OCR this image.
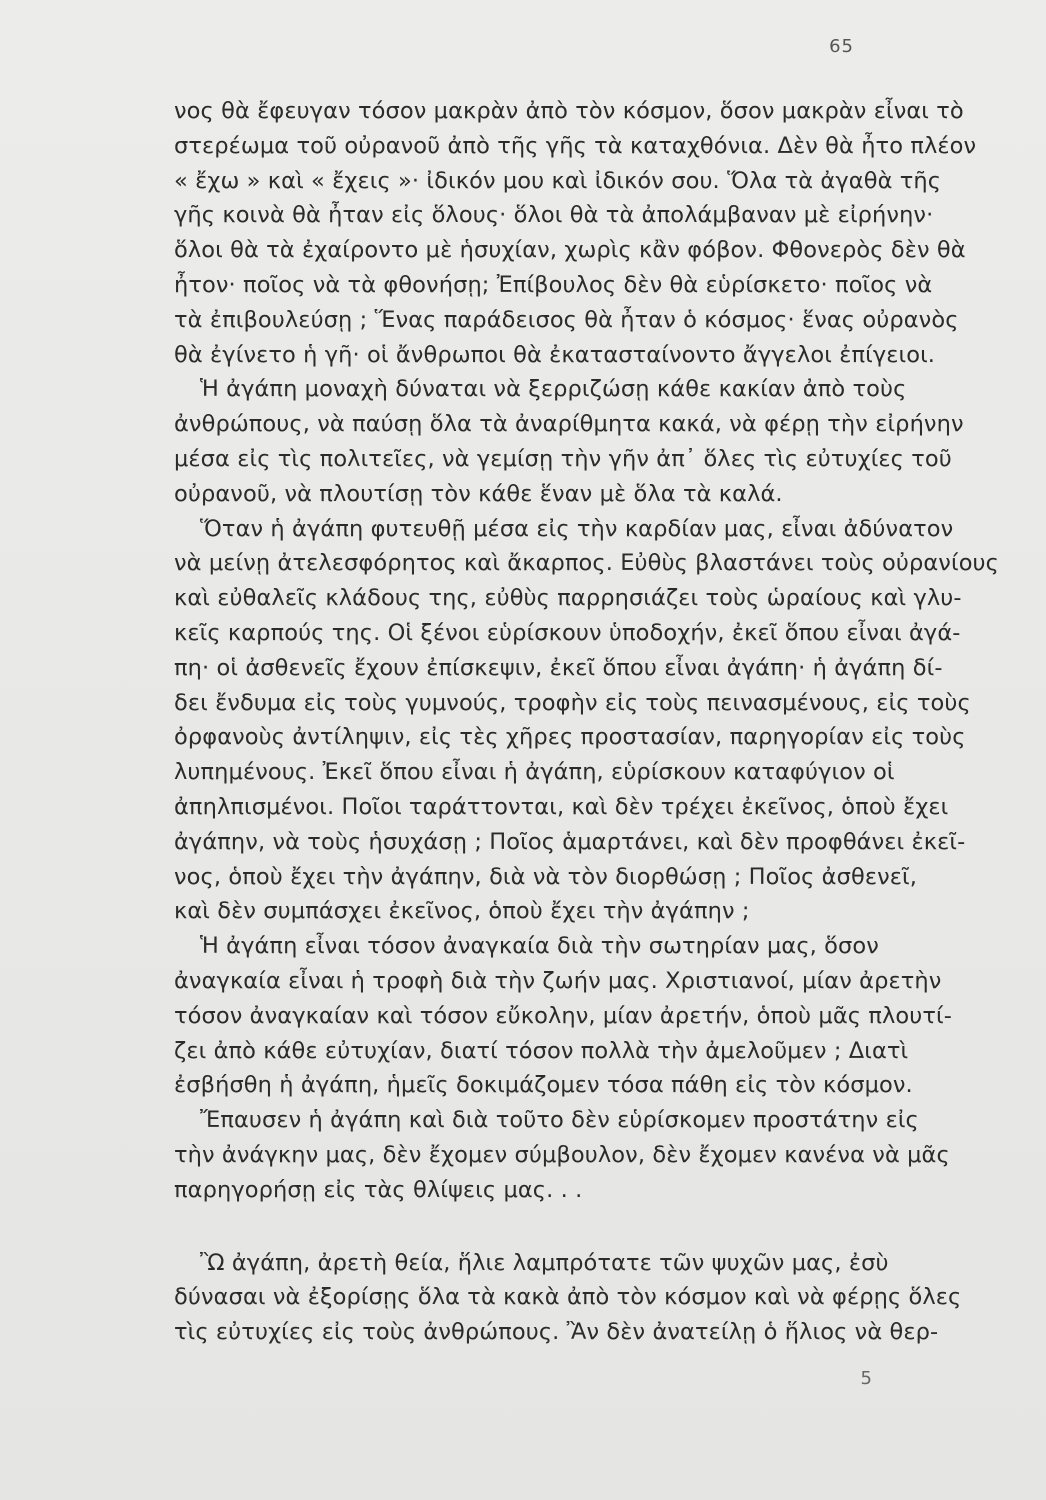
65
νος θὰ ἔφευγαν τόσον μακρὰν ἀπὸ τὸν κόσμον, ὅσον μακρὰν εἶναι τὸ
στερέωμα τοῦ οὐρανοῦ ἀπὸ τῆς γῆς τὰ καταχθόνια. Δὲν θὰ ἦτο πλέον
« ἔχω » καὶ « ἔχεις »· ἰδικόν μου καὶ ἰδικόν σου. Ὅλα τὰ ἀγαθὰ τῆς
γῆς κοινὰ θὰ ἦταν εἰς ὅλους· ὅλοι θὰ τὰ ἀπολάμβαναν μὲ εἰρήνην·
ὅλοι θὰ τὰ ἐχαίροντο μὲ ἡσυχίαν, χωρὶς κἂν φόβον. Φθονερὸς δὲν θὰ
ἦτον· ποῖος νὰ τὰ φθονήσῃ; Ἐπίβουλος δὲν θὰ εὑρίσκετο· ποῖος νὰ
τὰ ἐπιβουλεύσῃ ; Ἕνας παράδεισος θὰ ἦταν ὁ κόσμος· ἕνας οὐρανὸς
θὰ ἐγίνετο ἡ γῆ· οἱ ἄνθρωποι θὰ ἐκατασταίνοντο ἄγγελοι ἐπίγειοι.
Ἡ ἀγάπη μοναχὴ δύναται νὰ ξερριζώσῃ κάθε κακίαν ἀπὸ τοὺς
ἀνθρώπους, νὰ παύσῃ ὅλα τὰ ἀναρίθμητα κακά, νὰ φέρῃ τὴν εἰρήνην
μέσα εἰς τὶς πολιτεῖες, νὰ γεμίσῃ τὴν γῆν ἀπ᾿ ὅλες τὶς εὐτυχίες τοῦ
οὐρανοῦ, νὰ πλουτίσῃ τὸν κάθε ἕναν μὲ ὅλα τὰ καλά.
Ὅταν ἡ ἀγάπη φυτευθῇ μέσα εἰς τὴν καρδίαν μας, εἶναι ἀδύνατον
νὰ μείνῃ ἀτελεσφόρητος καὶ ἄκαρπος. Εὐθὺς βλαστάνει τοὺς οὐρανίους
καὶ εὐθαλεῖς κλάδους της, εὐθὺς παρρησιάζει τοὺς ὡραίους καὶ γλυ-
κεῖς καρπούς της. Οἱ ξένοι εὑρίσκουν ὑποδοχήν, ἐκεῖ ὅπου εἶναι ἀγά-
πη· οἱ ἀσθενεῖς ἔχουν ἐπίσκεψιν, ἐκεῖ ὅπου εἶναι ἀγάπη· ἡ ἀγάπη δί-
δει ἔνδυμα εἰς τοὺς γυμνούς, τροφὴν εἰς τοὺς πεινασμένους, εἰς τοὺς
ὀρφανοὺς ἀντίληψιν, εἰς τὲς χῆρες προστασίαν, παρηγορίαν εἰς τοὺς
λυπημένους. Ἐκεῖ ὅπου εἶναι ἡ ἀγάπη, εὑρίσκουν καταφύγιον οἱ
ἀπηλπισμένοι. Ποῖοι ταράττονται, καὶ δὲν τρέχει ἐκεῖνος, ὁποὺ ἔχει
ἀγάπην, νὰ τοὺς ἡσυχάσῃ ; Ποῖος ἁμαρτάνει, καὶ δὲν προφθάνει ἐκεῖ-
νος, ὁποὺ ἔχει τὴν ἀγάπην, διὰ νὰ τὸν διορθώσῃ ; Ποῖος ἀσθενεῖ,
καὶ δὲν συμπάσχει ἐκεῖνος, ὁποὺ ἔχει τὴν ἀγάπην ;
Ἡ ἀγάπη εἶναι τόσον ἀναγκαία διὰ τὴν σωτηρίαν μας, ὅσον
ἀναγκαία εἶναι ἡ τροφὴ διὰ τὴν ζωήν μας. Χριστιανοί, μίαν ἀρετὴν
τόσον ἀναγκαίαν καὶ τόσον εὔκολην, μίαν ἀρετήν, ὁποὺ μᾶς πλουτί-
ζει ἀπὸ κάθε εὐτυχίαν, διατί τόσον πολλὰ τὴν ἀμελοῦμεν ; Διατὶ
ἐσβήσθη ἡ ἀγάπη, ἡμεῖς δοκιμάζομεν τόσα πάθη εἰς τὸν κόσμον.
Ἔπαυσεν ἡ ἀγάπη καὶ διὰ τοῦτο δὲν εὑρίσκομεν προστάτην εἰς
τὴν ἀνάγκην μας, δὲν ἔχομεν σύμβουλον, δὲν ἔχομεν κανένα νὰ μᾶς
παρηγορήσῃ εἰς τὰς θλίψεις μας. . .
Ὢ ἀγάπη, ἀρετὴ θεία, ἥλιε λαμπρότατε τῶν ψυχῶν μας, ἐσὺ
δύνασαι νὰ ἐξορίσῃς ὅλα τὰ κακὰ ἀπὸ τὸν κόσμον καὶ νὰ φέρῃς ὅλες
τὶς εὐτυχίες εἰς τοὺς ἀνθρώπους. Ἂν δὲν ἀνατείλῃ ὁ ἥλιος νὰ θερ-
5
